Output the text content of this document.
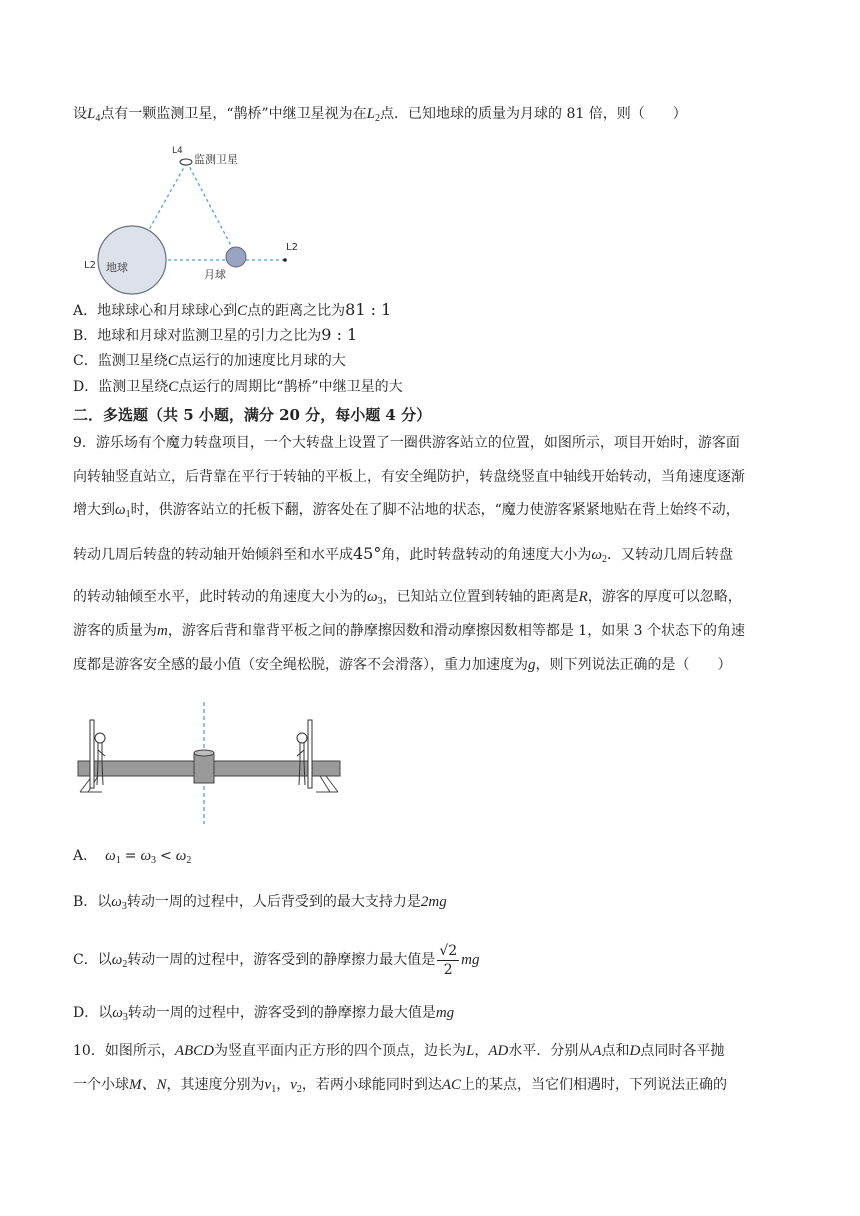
设$L_4$点有一颗监测卫星，“鹊桥”中继卫星视为在$L_2$点．已知地球的质量为月球的 81 倍，则（　　）
L4
监测卫星
L2 地球
月球
L2
A．地球球心和月球球心到C点的距离之比为81 : 1
B．地球和月球对监测卫星的引力之比为9 : 1
C．监测卫星绕C点运行的加速度比月球的大
D．监测卫星绕C点运行的周期比“鹊桥”中继卫星的大
二．多选题（共 5 小题，满分 20 分，每小题 4 分）
9．游乐场有个魔力转盘项目，一个大转盘上设置了一圈供游客站立的位置，如图所示，项目开始时，游客面
向转轴竖直站立，后背靠在平行于转轴的平板上，有安全绳防护，转盘绕竖直中轴线开始转动，当角速度逐渐
增大到$\omega_1$时，供游客站立的托板下翻，游客处在了脚不沾地的状态，“魔力使游客紧紧地贴在背上始终不动，
转动几周后转盘的转动轴开始倾斜至和水平成45°角，此时转盘转动的角速度大小为$\omega_2$．又转动几周后转盘
的转动轴倾至水平，此时转动的角速度大小为的$\omega_3$，已知站立位置到转轴的距离是R，游客的厚度可以忽略，
游客的质量为m，游客后背和靠背平板之间的静摩擦因数和滑动摩擦因数相等都是 1，如果 3 个状态下的角速
度都是游客安全感的最小值（安全绳松脱，游客不会滑落），重力加速度为g，则下列说法正确的是（　　）
A． $\omega_1 = \omega_3 < \omega_2$
B．以$\omega_3$转动一周的过程中，人后背受到的最大支持力是2mg
C．以$\omega_2$转动一周的过程中，游客受到的静摩擦力最大值是 $\frac{√2}{2}$ mg
D．以$\omega_3$转动一周的过程中，游客受到的静摩擦力最大值是mg
10．如图所示，ABCD为竖直平面内正方形的四个顶点，边长为L，AD水平．分别从A点和D点同时各平抛
一个小球M、N，其速度分别为$v_1$，$v_2$，若两小球能同时到达AC上的某点，当它们相遇时，下列说法正确的
